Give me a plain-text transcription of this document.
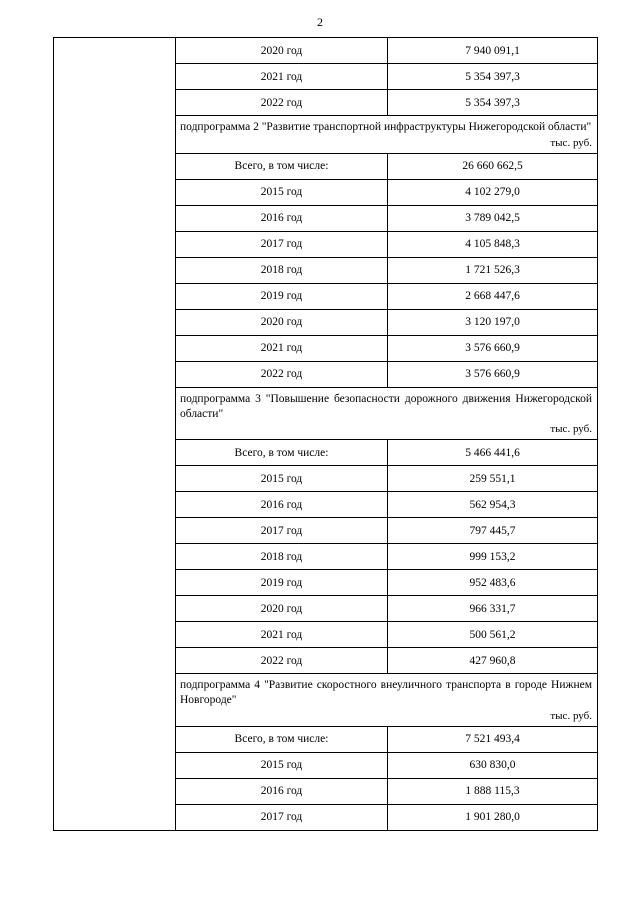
2
	2020 год	7 940 091,1
	2021 год	5 354 397,3
	2022 год	5 354 397,3

	подпрограмма 2 "Развитие транспортной инфраструктуры Нижегородской области"
тыс. руб.	

	Всего, в том числе:	26 660 662,5
	2015 год	4 102 279,0
	2016 год	3 789 042,5
	2017 год	4 105 848,3
	2018 год	1 721 526,3
	2019 год	2 668 447,6
	2020 год	3 120 197,0
	2021 год	3 576 660,9
	2022 год	3 576 660,9

	подпрограмма 3 "Повышение безопасности дорожного движения Нижегородской области"
тыс. руб.	

	Всего, в том числе:	5 466 441,6
	2015 год	259 551,1
	2016 год	562 954,3
	2017 год	797 445,7
	2018 год	999 153,2
	2019 год	952 483,6
	2020 год	966 331,7
	2021 год	500 561,2
	2022 год	427 960,8

	подпрограмма 4 "Развитие скоростного внеуличного транспорта в городе Нижнем Новгороде"
тыс. руб.	

	Всего, в том числе:	7 521 493,4
	2015 год	630 830,0
	2016 год	1 888 115,3
	2017 год	1 901 280,0
